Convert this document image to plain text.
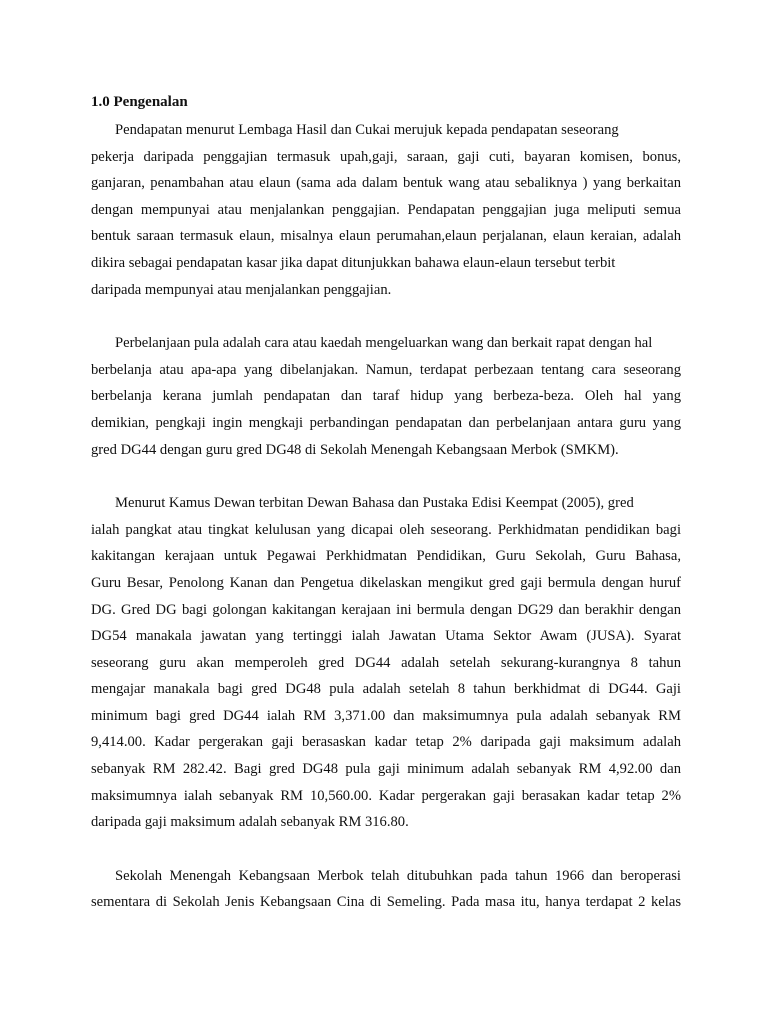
1.0 Pengenalan
Pendapatan menurut Lembaga Hasil dan Cukai merujuk kepada pendapatan seseorang
pekerja daripada penggajian termasuk upah,gaji, saraan, gaji cuti, bayaran komisen, bonus,
ganjaran, penambahan atau elaun (sama ada dalam bentuk wang atau sebaliknya ) yang berkaitan
dengan mempunyai atau menjalankan penggajian. Pendapatan penggajian juga meliputi semua
bentuk saraan termasuk elaun, misalnya elaun perumahan,elaun perjalanan, elaun keraian, adalah
dikira sebagai pendapatan kasar jika dapat ditunjukkan bahawa elaun-elaun tersebut terbit
daripada mempunyai atau menjalankan penggajian.
Perbelanjaan pula adalah cara atau kaedah mengeluarkan wang dan berkait rapat dengan hal
berbelanja atau apa-apa yang dibelanjakan. Namun, terdapat perbezaan tentang cara seseorang
berbelanja kerana jumlah pendapatan dan taraf hidup yang berbeza-beza. Oleh hal yang
demikian, pengkaji ingin mengkaji perbandingan pendapatan dan perbelanjaan antara guru yang
gred DG44 dengan guru gred DG48 di Sekolah Menengah Kebangsaan Merbok (SMKM).
Menurut Kamus Dewan terbitan Dewan Bahasa dan Pustaka Edisi Keempat (2005), gred
ialah pangkat atau tingkat kelulusan yang dicapai oleh seseorang. Perkhidmatan pendidikan bagi
kakitangan kerajaan untuk Pegawai Perkhidmatan Pendidikan, Guru Sekolah, Guru Bahasa,
Guru Besar, Penolong Kanan dan Pengetua dikelaskan mengikut gred gaji bermula dengan huruf
DG. Gred DG bagi golongan kakitangan kerajaan ini bermula dengan DG29 dan berakhir dengan
DG54 manakala jawatan yang tertinggi ialah Jawatan Utama Sektor Awam (JUSA). Syarat
seseorang guru akan memperoleh gred DG44 adalah setelah sekurang-kurangnya 8 tahun
mengajar manakala bagi gred DG48 pula adalah setelah 8 tahun berkhidmat di DG44. Gaji
minimum bagi gred DG44 ialah RM 3,371.00 dan maksimumnya pula adalah sebanyak RM
9,414.00. Kadar pergerakan gaji berasaskan kadar tetap 2% daripada gaji maksimum adalah
sebanyak RM 282.42. Bagi gred DG48 pula gaji minimum adalah sebanyak RM 4,92.00 dan
maksimumnya ialah sebanyak RM 10,560.00. Kadar pergerakan gaji berasakan kadar tetap 2%
daripada gaji maksimum adalah sebanyak RM 316.80.
Sekolah Menengah Kebangsaan Merbok telah ditubuhkan pada tahun 1966 dan beroperasi
sementara di Sekolah Jenis Kebangsaan Cina di Semeling. Pada masa itu, hanya terdapat 2 kelas
